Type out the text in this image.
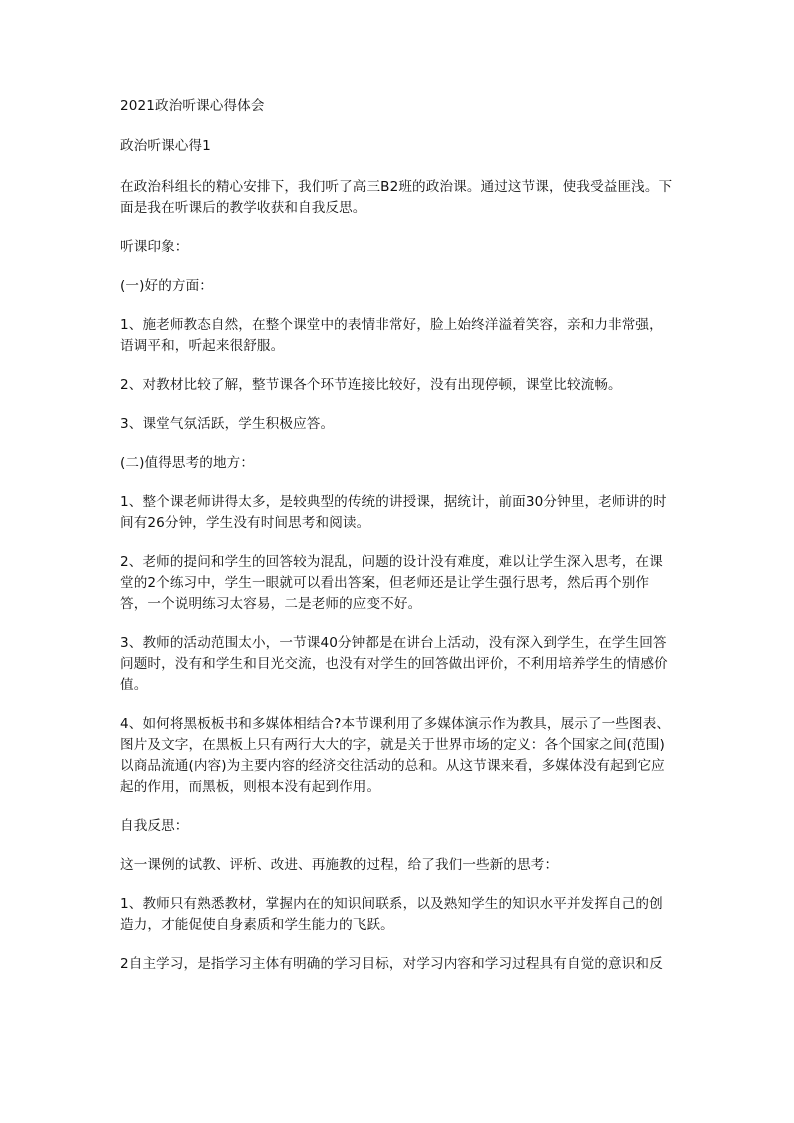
2021政治听课心得体会

政治听课心得1

在政治科组长的精心安排下，我们听了高三B2班的政治课。通过这节课，使我受益匪浅。下面是我在听课后的教学收获和自我反思。

听课印象：

(一)好的方面：

1、施老师教态自然，在整个课堂中的表情非常好，脸上始终洋溢着笑容，亲和力非常强，语调平和，听起来很舒服。

2、对教材比较了解，整节课各个环节连接比较好，没有出现停顿，课堂比较流畅。

3、课堂气氛活跃，学生积极应答。

(二)值得思考的地方：

1、整个课老师讲得太多，是较典型的传统的讲授课，据统计，前面30分钟里，老师讲的时间有26分钟，学生没有时间思考和阅读。

2、老师的提问和学生的回答较为混乱，问题的设计没有难度，难以让学生深入思考，在课堂的2个练习中，学生一眼就可以看出答案，但老师还是让学生强行思考，然后再个别作答，一个说明练习太容易，二是老师的应变不好。

3、教师的活动范围太小，一节课40分钟都是在讲台上活动，没有深入到学生，在学生回答问题时，没有和学生和目光交流，也没有对学生的回答做出评价，不利用培养学生的情感价值。

4、如何将黑板板书和多媒体相结合?本节课利用了多媒体演示作为教具，展示了一些图表、图片及文字，在黑板上只有两行大大的字，就是关于世界市场的定义：各个国家之间(范围)以商品流通(内容)为主要内容的经济交往活动的总和。从这节课来看，多媒体没有起到它应起的作用，而黑板，则根本没有起到作用。

自我反思：

这一课例的试教、评析、改进、再施教的过程，给了我们一些新的思考：

1、教师只有熟悉教材，掌握内在的知识间联系，以及熟知学生的知识水平并发挥自己的创造力，才能促使自身素质和学生能力的飞跃。

2自主学习，是指学习主体有明确的学习目标，对学习内容和学习过程具有自觉的意识和反
